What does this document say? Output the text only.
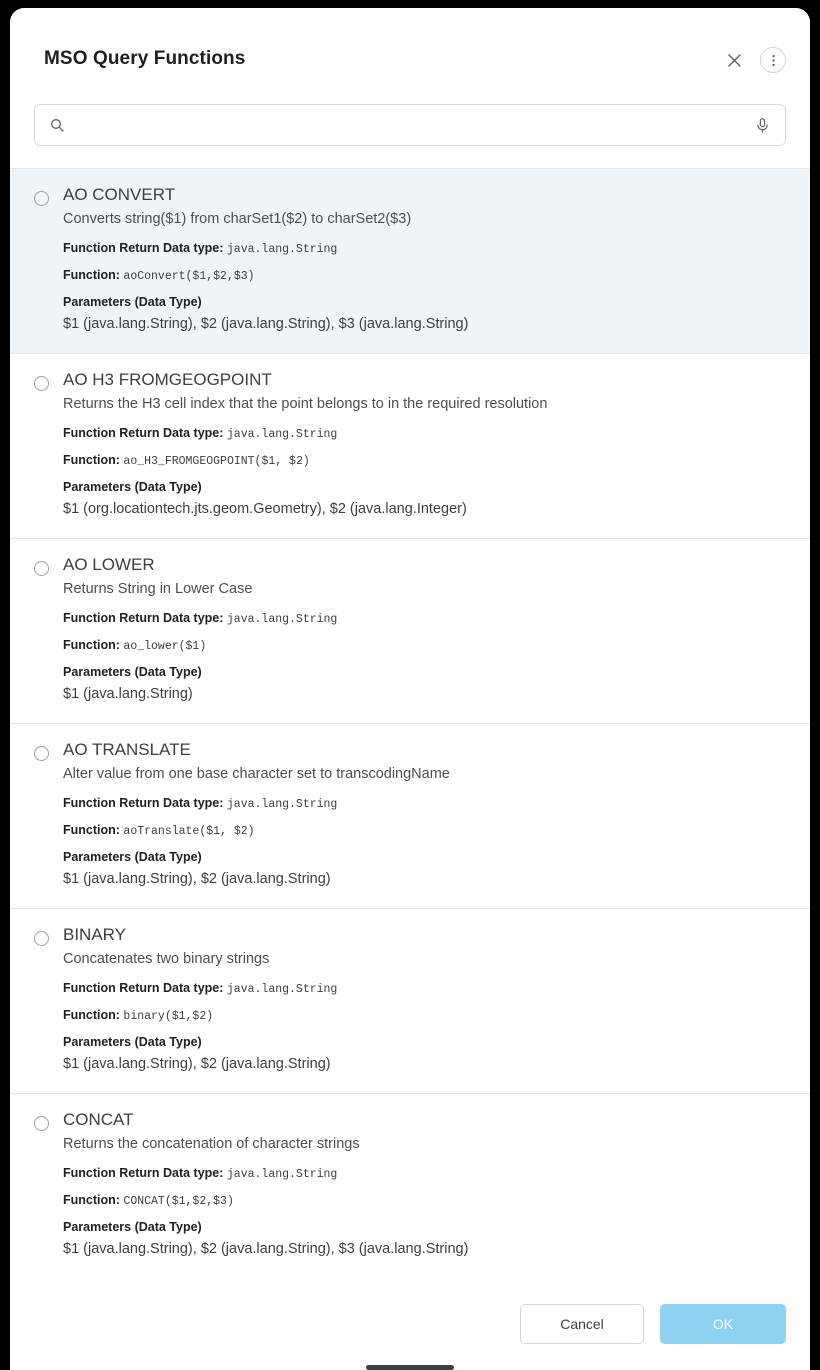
MSO Query Functions
AO CONVERT
Converts string($1) from charSet1($2) to charSet2($3)
Function Return Data type: java.lang.String
Function: aoConvert($1,$2,$3)
Parameters (Data Type)
$1 (java.lang.String), $2 (java.lang.String), $3 (java.lang.String)
AO H3 FROMGEOGPOINT
Returns the H3 cell index that the point belongs to in the required resolution
Function Return Data type: java.lang.String
Function: ao_H3_FROMGEOGPOINT($1, $2)
Parameters (Data Type)
$1 (org.locationtech.jts.geom.Geometry), $2 (java.lang.Integer)
AO LOWER
Returns String in Lower Case
Function Return Data type: java.lang.String
Function: ao_lower($1)
Parameters (Data Type)
$1 (java.lang.String)
AO TRANSLATE
Alter value from one base character set to transcodingName
Function Return Data type: java.lang.String
Function: aoTranslate($1, $2)
Parameters (Data Type)
$1 (java.lang.String), $2 (java.lang.String)
BINARY
Concatenates two binary strings
Function Return Data type: java.lang.String
Function: binary($1,$2)
Parameters (Data Type)
$1 (java.lang.String), $2 (java.lang.String)
CONCAT
Returns the concatenation of character strings
Function Return Data type: java.lang.String
Function: CONCAT($1,$2,$3)
Parameters (Data Type)
$1 (java.lang.String), $2 (java.lang.String), $3 (java.lang.String)
Cancel	OK
